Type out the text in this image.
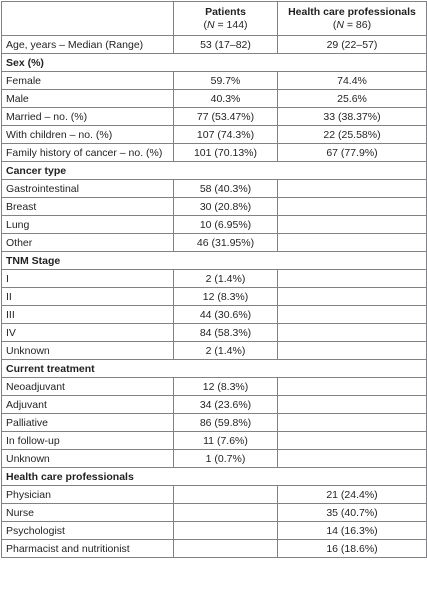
	Patients
(N = 144)	Health care professionals
(N = 86)

Age, years – Median (Range)	53 (17–82)	29 (22–57)
Sex (%)		
Female	59.7%	74.4%
Male	40.3%	25.6%
Married – no. (%)	77 (53.47%)	33 (38.37%)
With children – no. (%)	107 (74.3%)	22 (25.58%)
Family history of cancer – no. (%)	101 (70.13%)	67 (77.9%)
Cancer type		
Gastrointestinal	58 (40.3%)	
Breast	30 (20.8%)	
Lung	10 (6.95%)	
Other	46 (31.95%)	
TNM Stage		
I	2 (1.4%)	
II	12 (8.3%)	
III	44 (30.6%)	
IV	84 (58.3%)	
Unknown	2 (1.4%)	
Current treatment		
Neoadjuvant	12 (8.3%)	
Adjuvant	34 (23.6%)	
Palliative	86 (59.8%)	
In follow-up	11 (7.6%)	
Unknown	1 (0.7%)	
Health care professionals		
Physician		21 (24.4%)
Nurse		35 (40.7%)
Psychologist		14 (16.3%)
Pharmacist and nutritionist		16 (18.6%)
